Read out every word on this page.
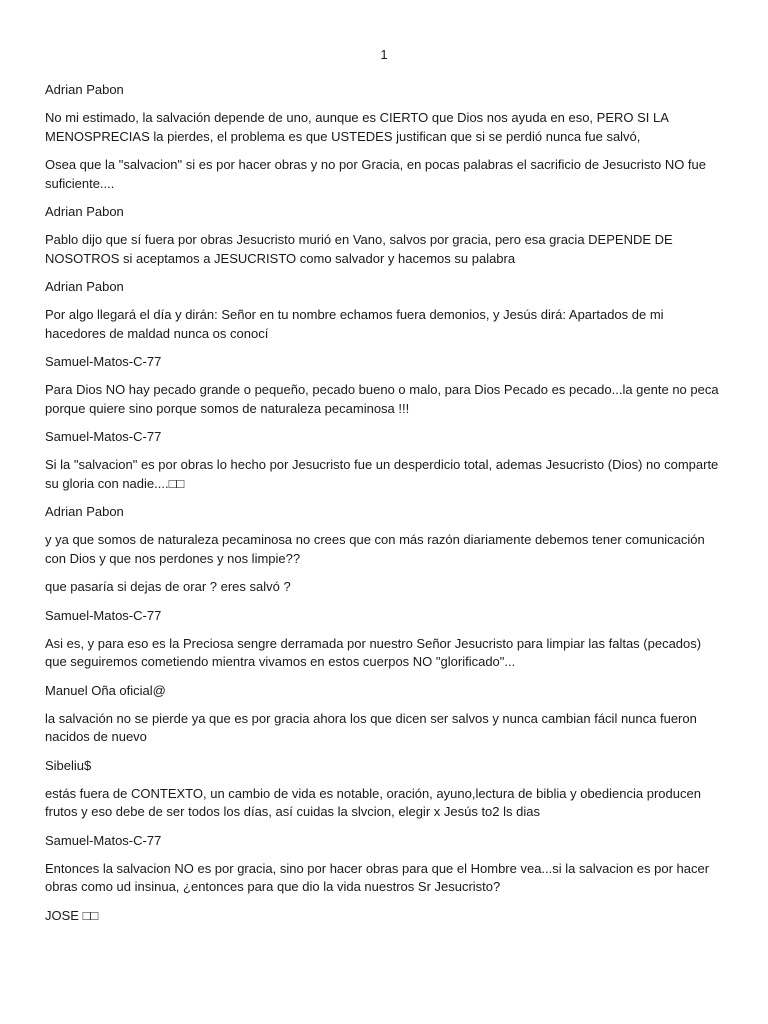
1
Adrian Pabon
No mi estimado, la salvación depende de uno, aunque es CIERTO que Dios nos ayuda en eso, PERO SI LA MENOSPRECIAS la pierdes, el problema es que USTEDES justifican que si se perdió nunca fue salvó,
Osea que la "salvacion" si es por hacer obras y no por Gracia, en pocas palabras el sacrificio de Jesucristo NO fue suficiente....
Adrian Pabon
Pablo dijo que sí fuera por obras Jesucristo murió en Vano, salvos por gracia, pero esa gracia DEPENDE DE NOSOTROS si aceptamos a JESUCRISTO como salvador y hacemos su palabra
Adrian Pabon
Por algo llegará el día y dirán: Señor en tu nombre echamos fuera demonios, y Jesús dirá: Apartados de mi hacedores de maldad nunca os conocí
Samuel-Matos-C-77
Para Dios NO hay pecado grande o pequeño, pecado bueno o malo, para Dios Pecado es pecado...la gente no peca porque quiere sino porque somos de naturaleza pecaminosa !!!
Samuel-Matos-C-77
Si la "salvacion" es por obras lo hecho por Jesucristo fue un desperdicio total, ademas Jesucristo (Dios) no comparte su gloria con nadie....□□
Adrian Pabon
y ya que somos de naturaleza pecaminosa no crees que con más razón diariamente debemos tener comunicación con Dios y que nos perdones y nos limpie??
que pasaría si dejas de orar ? eres salvó ?
Samuel-Matos-C-77
Asi es, y para eso es la Preciosa sengre derramada por nuestro Señor Jesucristo para limpiar las faltas (pecados) que seguiremos cometiendo mientra vivamos en estos cuerpos NO "glorificado"...
Manuel Oña oficial@
la salvación no se pierde ya que es por gracia ahora los que dicen ser salvos y nunca cambian fácil nunca fueron nacidos de nuevo
Sibeliu$
estás fuera de CONTEXTO, un cambio de vida es notable, oración, ayuno,lectura de biblia y obediencia producen frutos y eso debe de ser todos los días, así cuidas la slvcion, elegir x Jesús to2 ls dias
Samuel-Matos-C-77
Entonces la salvacion NO es por gracia, sino por hacer obras para que el Hombre vea...si la salvacion es por hacer obras como ud insinua, ¿entonces para que dio la vida nuestros Sr Jesucristo?
JOSE □□
